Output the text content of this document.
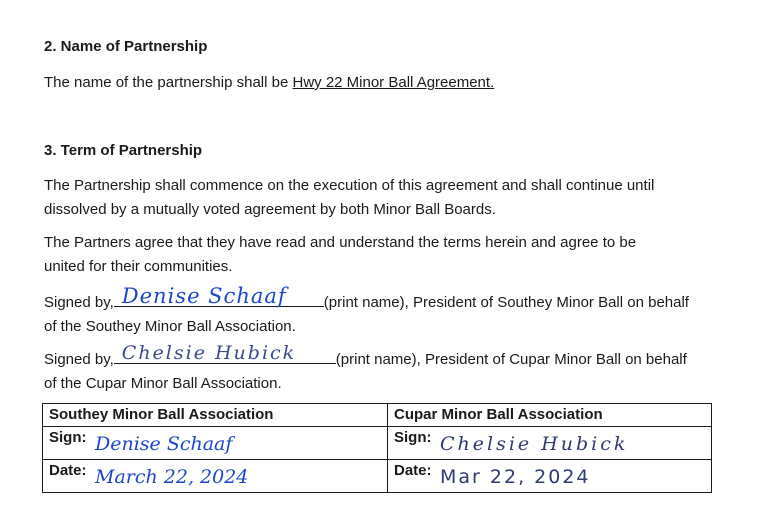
2. Name of Partnership

The name of the partnership shall be Hwy 22 Minor Ball Agreement.

3. Term of Partnership

The Partnership shall commence on the execution of this agreement and shall continue until
dissolved by a mutually voted agreement by both Minor Ball Boards.

The Partners agree that they have read and understand the terms herein and agree to be
united for their communities.

Signed by, Denise Schaaf (print name), President of Southey Minor Ball on behalf
of the Southey Minor Ball Association.
Signed by, Chelsie Hubick	(print name), President of Cupar Minor Ball on behalf
of the Cupar Minor Ball Association.
Southey Minor Ball Association	Cupar Minor Ball Association
Sign: Denise Schaaf	Sign: Chelsie Hubick

Date: March 22, 2024	Date: Mar 22, 2024
